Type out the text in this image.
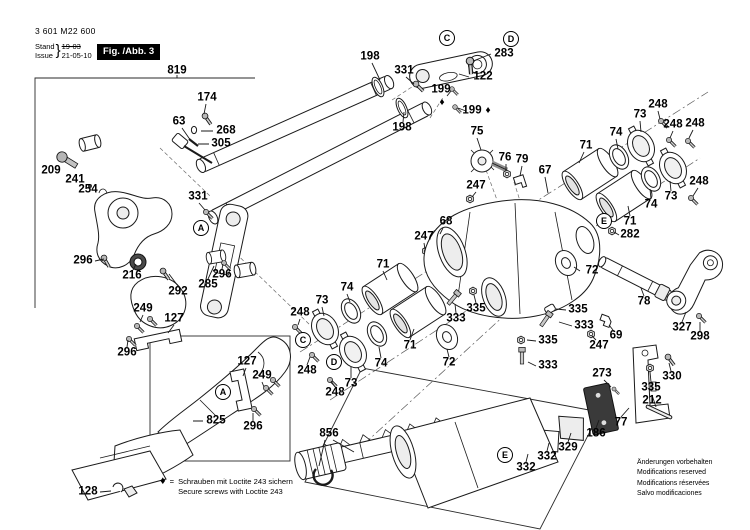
3 601 M22 600
Stand
Issue } 19-03
21-05-10	Fig. /Abb. 3
♦ = Schrauben mit Loctite 243 sichern
Secure screws with Loctite 243
Änderungen vorbehalten
Modifications reserved
Modifications réservées
Salvo modificaciones
819
174
63
268
305
209
241
254
331
296
216
292
285
296
198
331
198
199
♦
199 ♦
122
283
75
76 79
67
247
68
247
71
74
73
248
248 248
248
73
74
71
282
71
74
73
248
248
73
248
74
71
72
333
335	335
333
335
333
72
78
327
298
69
247
273	330
335
212
77
186
329
332
332
249
127
296
127
249
296
825
128
856
C	D
A
A
C
D
E
E
